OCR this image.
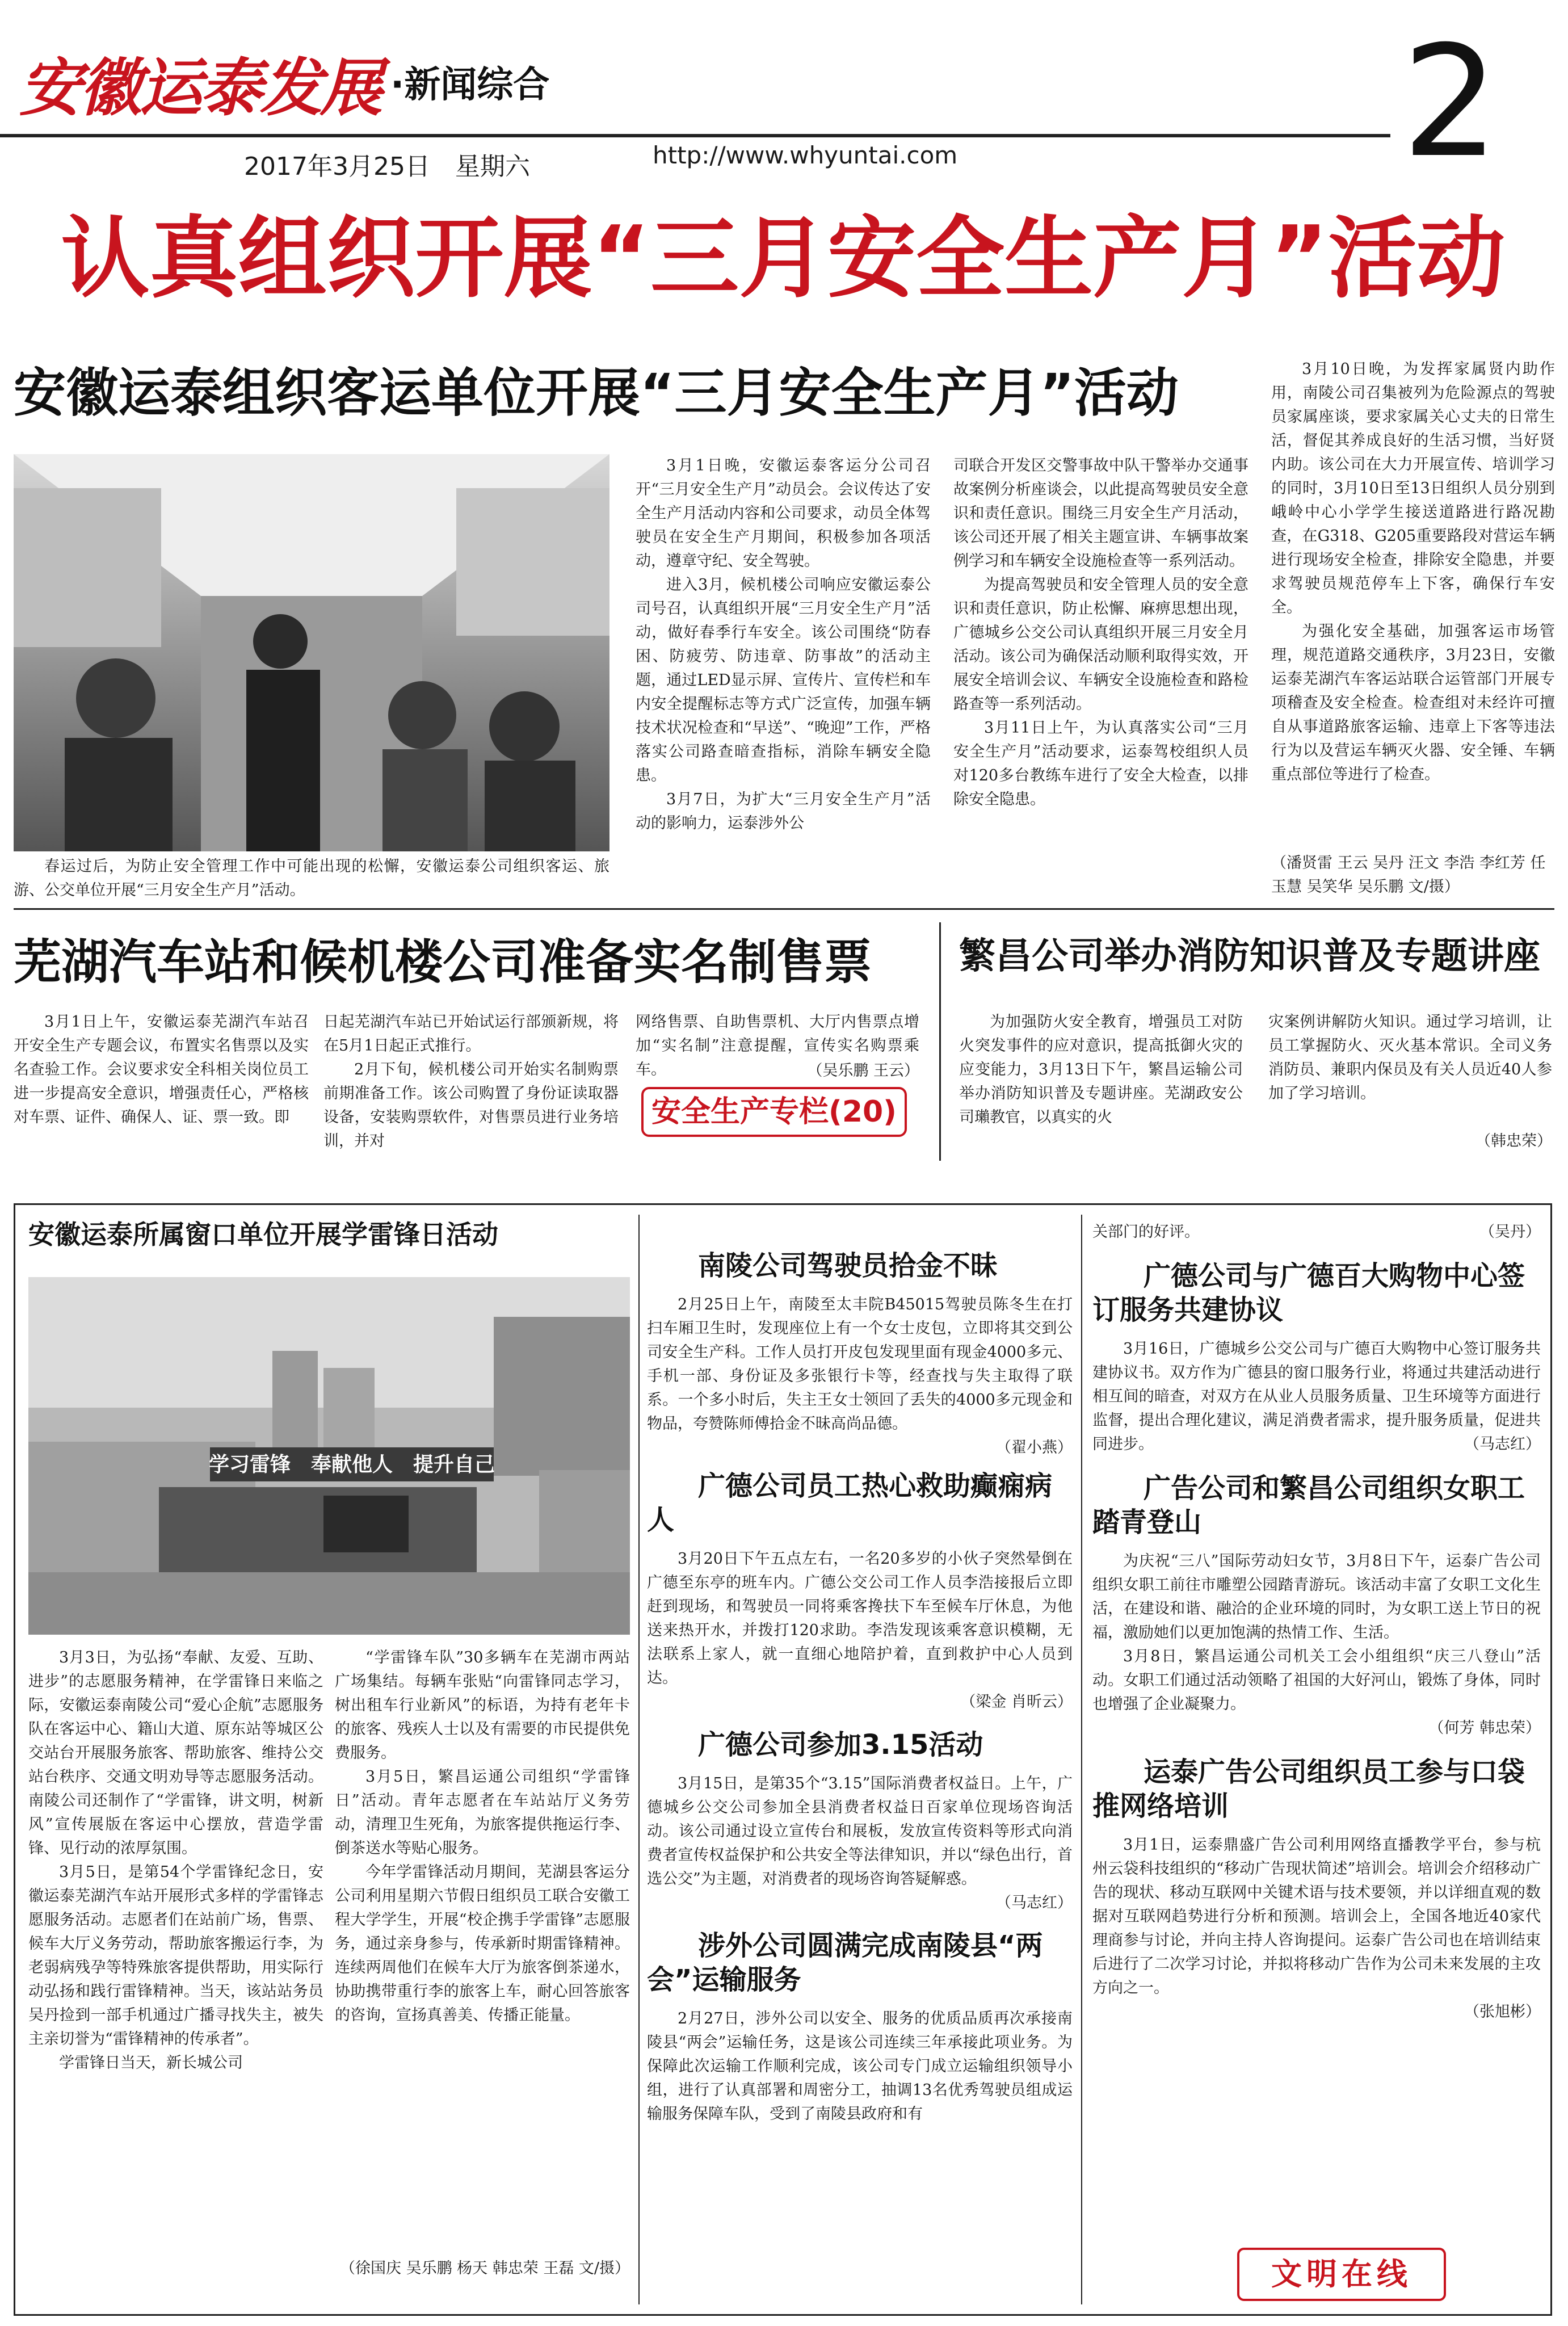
安徽运泰发展 ·新闻综合
2017年3月25日　星期六	http://www.whyuntai.com	2
认真组织开展“三月安全生产月”活动
安徽运泰组织客运单位开展“三月安全生产月”活动
春运过后，为防止安全管理工作中可能出现的松懈，安徽运泰公司组织客运、旅游、公交单位开展“三月安全生产月”活动。

3月1日晚，安徽运泰客运分公司召开“三月安全生产月”动员会。会议传达了安全生产月活动内容和公司要求，动员全体驾驶员在安全生产月期间，积极参加各项活动，遵章守纪、安全驾驶。

进入3月，候机楼公司响应安徽运泰公司号召，认真组织开展“三月安全生产月”活动，做好春季行车安全。该公司围绕“防春困、防疲劳、防违章、防事故”的活动主题，通过LED显示屏、宣传片、宣传栏和车内安全提醒标志等方式广泛宣传，加强车辆技术状况检查和“早送”、“晚迎”工作，严格落实公司路查暗查指标，消除车辆安全隐患。

3月7日，为扩大“三月安全生产月”活动的影响力，运泰涉外公

司联合开发区交警事故中队干警举办交通事故案例分析座谈会，以此提高驾驶员安全意识和责任意识。围绕三月安全生产月活动，该公司还开展了相关主题宣讲、车辆事故案例学习和车辆安全设施检查等一系列活动。

为提高驾驶员和安全管理人员的安全意识和责任意识，防止松懈、麻痹思想出现，广德城乡公交公司认真组织开展三月安全月活动。该公司为确保活动顺利取得实效，开展安全培训会议、车辆安全设施检查和路检路查等一系列活动。

3月11日上午，为认真落实公司“三月安全生产月”活动要求，运泰驾校组织人员对120多台教练车进行了安全大检查，以排除安全隐患。

3月10日晚，为发挥家属贤内助作用，南陵公司召集被列为危险源点的驾驶员家属座谈，要求家属关心丈夫的日常生活，督促其养成良好的生活习惯，当好贤内助。该公司在大力开展宣传、培训学习的同时，3月10日至13日组织人员分别到峨岭中心小学学生接送道路进行路况勘查，在G318、G205重要路段对营运车辆进行现场安全检查，排除安全隐患，并要求驾驶员规范停车上下客，确保行车安全。

为强化安全基础，加强客运市场管理，规范道路交通秩序，3月23日，安徽运泰芜湖汽车客运站联合运管部门开展专项稽查及安全检查。检查组对未经许可擅自从事道路旅客运输、违章上下客等违法行为以及营运车辆灭火器、安全锤、车辆重点部位等进行了检查。

（潘贤雷 王云 吴丹 汪文 李浩 李红芳 任玉慧 吴笑华 吴乐鹏 文/摄）
芜湖汽车站和候机楼公司准备实名制售票
3月1日上午，安徽运泰芜湖汽车站召开安全生产专题会议，布置实名售票以及实名查验工作。会议要求安全科相关岗位员工进一步提高安全意识，增强责任心，严格核对车票、证件、确保人、证、票一致。即

日起芜湖汽车站已开始试运行部颁新规，将在5月1日起正式推行。

2月下旬，候机楼公司开始实名制购票前期准备工作。该公司购置了身份证读取器设备，安装购票软件，对售票员进行业务培训，并对

网络售票、自助售票机、大厅内售票点增加“实名制”注意提醒，宣传实名购票乘车。	（吴乐鹏 王云）
安全生产专栏(20)
繁昌公司举办消防知识普及专题讲座
为加强防火安全教育，增强员工对防火突发事件的应对意识，提高抵御火灾的应变能力，3月13日下午，繁昌运输公司举办消防知识普及专题讲座。芜湖政安公司瓎教官，以真实的火
灾案例讲解防火知识。通过学习培训，让员工掌握防火、灭火基本常识。全司义务消防员、兼职内保员及有关人员近40人参加了学习培训。
（韩忠荣）
安徽运泰所属窗口单位开展学雷锋日活动
学习雷锋　奉献他人　提升自己

3月3日，为弘扬“奉献、友爱、互助、进步”的志愿服务精神，在学雷锋日来临之际，安徽运泰南陵公司“爱心企航”志愿服务队在客运中心、籍山大道、原东站等城区公交站台开展服务旅客、帮助旅客、维持公交站台秩序、交通文明劝导等志愿服务活动。南陵公司还制作了“学雷锋，讲文明，树新风”宣传展版在客运中心摆放，营造学雷锋、见行动的浓厚氛围。

3月5日，是第54个学雷锋纪念日，安徽运泰芜湖汽车站开展形式多样的学雷锋志愿服务活动。志愿者们在站前广场，售票、候车大厅义务劳动，帮助旅客搬运行李，为老弱病残孕等特殊旅客提供帮助，用实际行动弘扬和践行雷锋精神。当天，该站站务员吴丹捡到一部手机通过广播寻找失主，被失主亲切誉为“雷锋精神的传承者”。

学雷锋日当天，新长城公司

“学雷锋车队”30多辆车在芜湖市两站广场集结。每辆车张贴“向雷锋同志学习，树出租车行业新风”的标语，为持有老年卡的旅客、残疾人士以及有需要的市民提供免费服务。

3月5日，繁昌运通公司组织“学雷锋日”活动。青年志愿者在车站站厅义务劳动，清理卫生死角，为旅客提供拖运行李、倒茶送水等贴心服务。

今年学雷锋活动月期间，芜湖县客运分公司利用星期六节假日组织员工联合安徽工程大学学生，开展“校企携手学雷锋”志愿服务，通过亲身参与，传承新时期雷锋精神。连续两周他们在候车大厅为旅客倒茶递水，协助携带重行李的旅客上车，耐心回答旅客的咨询，宣扬真善美、传播正能量。

（徐国庆 吴乐鹏 杨天 韩忠荣 王磊 文/摄）
南陵公司驾驶员拾金不昧
2月25日上午，南陵至太丰院B45015驾驶员陈冬生在打扫车厢卫生时，发现座位上有一个女士皮包，立即将其交到公司安全生产科。工作人员打开皮包发现里面有现金4000多元、手机一部、身份证及多张银行卡等，经查找与失主取得了联系。一个多小时后，失主王女士领回了丢失的4000多元现金和物品，夸赞陈师傅拾金不昧高尚品德。
（翟小燕）
广德公司员工热心救助癫痫病人
3月20日下午五点左右，一名20多岁的小伙子突然晕倒在广德至东亭的班车内。广德公交公司工作人员李浩接报后立即赶到现场，和驾驶员一同将乘客搀扶下车至候车厅休息，为他送来热开水，并拨打120求助。李浩发现该乘客意识模糊，无法联系上家人，就一直细心地陪护着，直到救护中心人员到达。
（梁金 肖昕云）
广德公司参加3.15活动
3月15日，是第35个“3.15”国际消费者权益日。上午，广德城乡公交公司参加全县消费者权益日百家单位现场咨询活动。该公司通过设立宣传台和展板，发放宣传资料等形式向消费者宣传权益保护和公共安全等法律知识，并以“绿色出行，首选公交”为主题，对消费者的现场咨询答疑解惑。
（马志红）
涉外公司圆满完成南陵县“两会”运输服务
2月27日，涉外公司以安全、服务的优质品质再次承接南陵县“两会”运输任务，这是该公司连续三年承接此项业务。为保障此次运输工作顺利完成，该公司专门成立运输组织领导小组，进行了认真部署和周密分工，抽调13名优秀驾驶员组成运输服务保障车队，受到了南陵县政府和有
关部门的好评。	（吴丹）
广德公司与广德百大购物中心签订服务共建协议
3月16日，广德城乡公交公司与广德百大购物中心签订服务共建协议书。双方作为广德县的窗口服务行业，将通过共建活动进行相互间的暗查，对双方在从业人员服务质量、卫生环境等方面进行监督，提出合理化建议，满足消费者需求，提升服务质量，促进共同进步。	（马志红）
广告公司和繁昌公司组织女职工踏青登山

为庆祝“三八”国际劳动妇女节，3月8日下午，运泰广告公司组织女职工前往市雕塑公园踏青游玩。该活动丰富了女职工文化生活，在建设和谐、融洽的企业环境的同时，为女职工送上节日的祝福，激励她们以更加饱满的热情工作、生活。

3月8日，繁昌运通公司机关工会小组组织“庆三八登山”活动。女职工们通过活动领略了祖国的大好河山，锻炼了身体，同时也增强了企业凝聚力。

（何芳 韩忠荣）
运泰广告公司组织员工参与口袋推网络培训
3月1日，运泰鼎盛广告公司利用网络直播教学平台，参与杭州云袋科技组织的“移动广告现状简述”培训会。培训会介绍移动广告的现状、移动互联网中关键术语与技术要领，并以详细直观的数据对互联网趋势进行分析和预测。培训会上，全国各地近40家代理商参与讨论，并向主持人咨询提问。运泰广告公司也在培训结束后进行了二次学习讨论，并拟将移动广告作为公司未来发展的主攻方向之一。
（张旭彬）
文明在线
